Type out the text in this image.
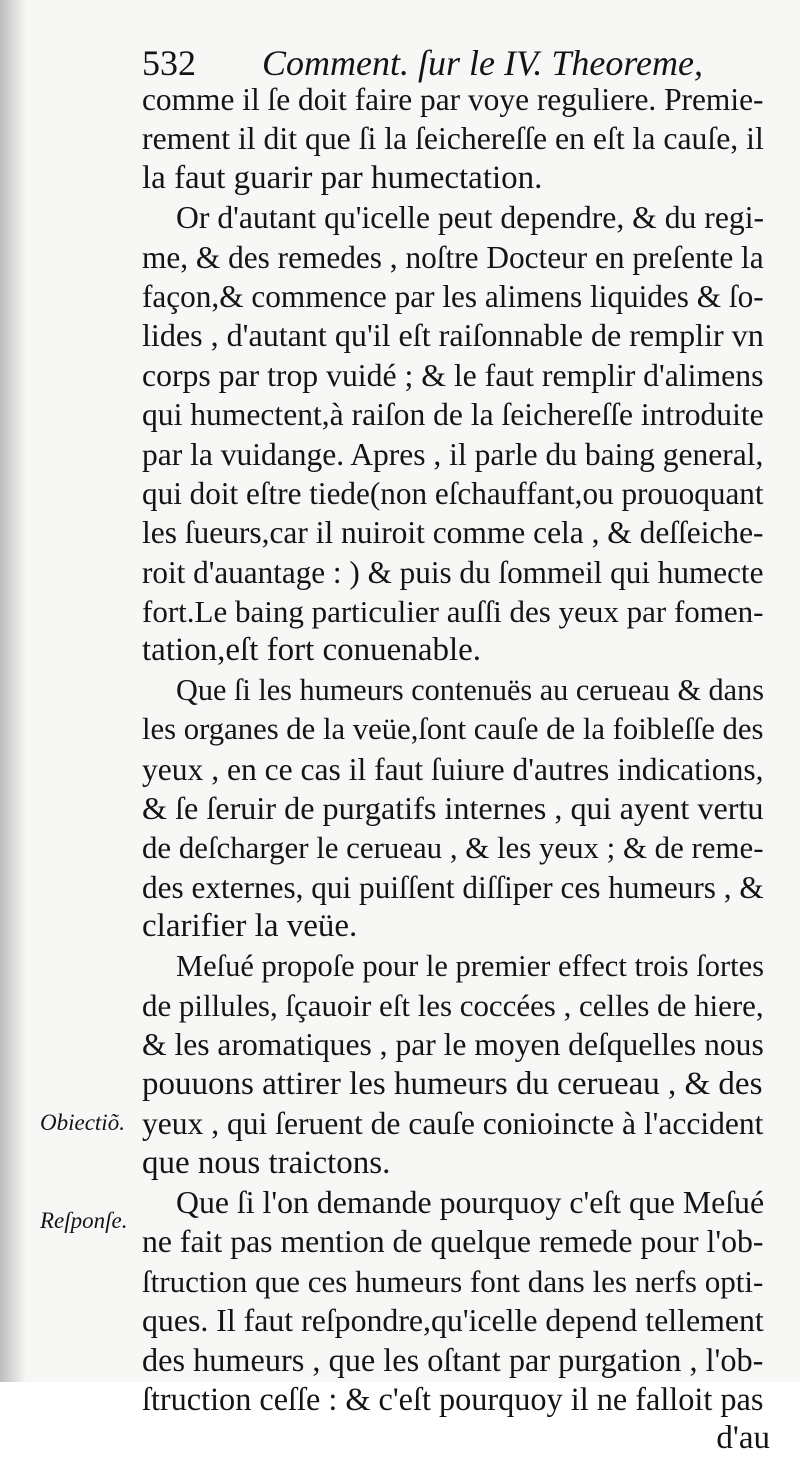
532 Comment. ſur le IV. Theoreme,
Obiectiõ.
Reſponſe.
comme il ſe doit faire par voye reguliere. Premie-
rement il dit que ſi la ſeichereſſe en eſt la cauſe, il
la faut guarir par humectation.
Or d'autant qu'icelle peut dependre, & du regi-
me, & des remedes , noſtre Docteur en preſente la
façon,& commence par les alimens liquides & ſo-
lides , d'autant qu'il eſt raiſonnable de remplir vn
corps par trop vuidé ; & le faut remplir d'alimens
qui humectent,à raiſon de la ſeichereſſe introduite
par la vuidange. Apres , il parle du baing general,
qui doit eſtre tiede(non eſchauffant,ou prouoquant
les ſueurs,car il nuiroit comme cela , & deſſeiche-
roit d'auantage : ) & puis du ſommeil qui humecte
fort.Le baing particulier auſſi des yeux par fomen-
tation,eſt fort conuenable.
Que ſi les humeurs contenuës au cerueau & dans
les organes de la veüe,ſont cauſe de la foibleſſe des
yeux , en ce cas il faut ſuiure d'autres indications,
& ſe ſeruir de purgatifs internes , qui ayent vertu
de deſcharger le cerueau , & les yeux ; & de reme-
des externes, qui puiſſent diſſiper ces humeurs , &
clarifier la veüe.
Meſué propoſe pour le premier effect trois ſortes
de pillules, ſçauoir eſt les coccées , celles de hiere,
& les aromatiques , par le moyen deſquelles nous
pouuons attirer les humeurs du cerueau , & des
yeux , qui ſeruent de cauſe conioincte à l'accident
que nous traictons.
Que ſi l'on demande pourquoy c'eſt que Meſué
ne fait pas mention de quelque remede pour l'ob-
ſtruction que ces humeurs font dans les nerfs opti-
ques. Il faut reſpondre,qu'icelle depend tellement
des humeurs , que les oſtant par purgation , l'ob-
ſtruction ceſſe : & c'eſt pourquoy il ne falloit pas
d'au
